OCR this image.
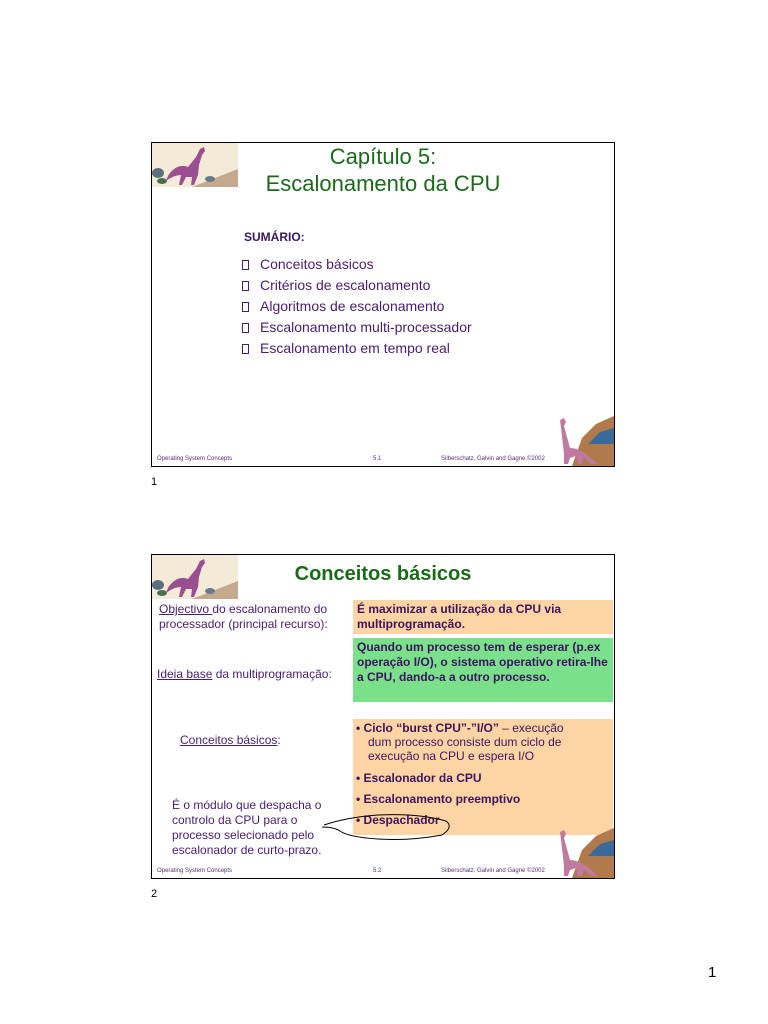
Capítulo 5:
Escalonamento da CPU
SUMÁRIO:
Conceitos básicos
Critérios de escalonamento
Algoritmos de escalonamento
Escalonamento multi-processador
Escalonamento em tempo real
Operating System Concepts	5.1	Silberschatz, Galvin and Gagne ©2002
1
Conceitos básicos
Objectivo do escalonamento do
processador (principal recurso):
É maximizar a utilização da CPU via multiprogramação.
Ideia base da multiprogramação:
Quando um processo tem de esperar (p.ex operação I/O), o sistema operativo retira-lhe a CPU, dando-a a outro processo.
Conceitos básicos:
• Ciclo “burst CPU”-”I/O” – execução
dum processo consiste dum ciclo de execução na CPU e espera I/O
• Escalonador da CPU
• Escalonamento preemptivo
• Despachador
É o módulo que despacha o
controlo da CPU para o
processo selecionado pelo
escalonador de curto-prazo.
Operating System Concepts	5.2	Silberschatz, Galvin and Gagne ©2002
2
1
